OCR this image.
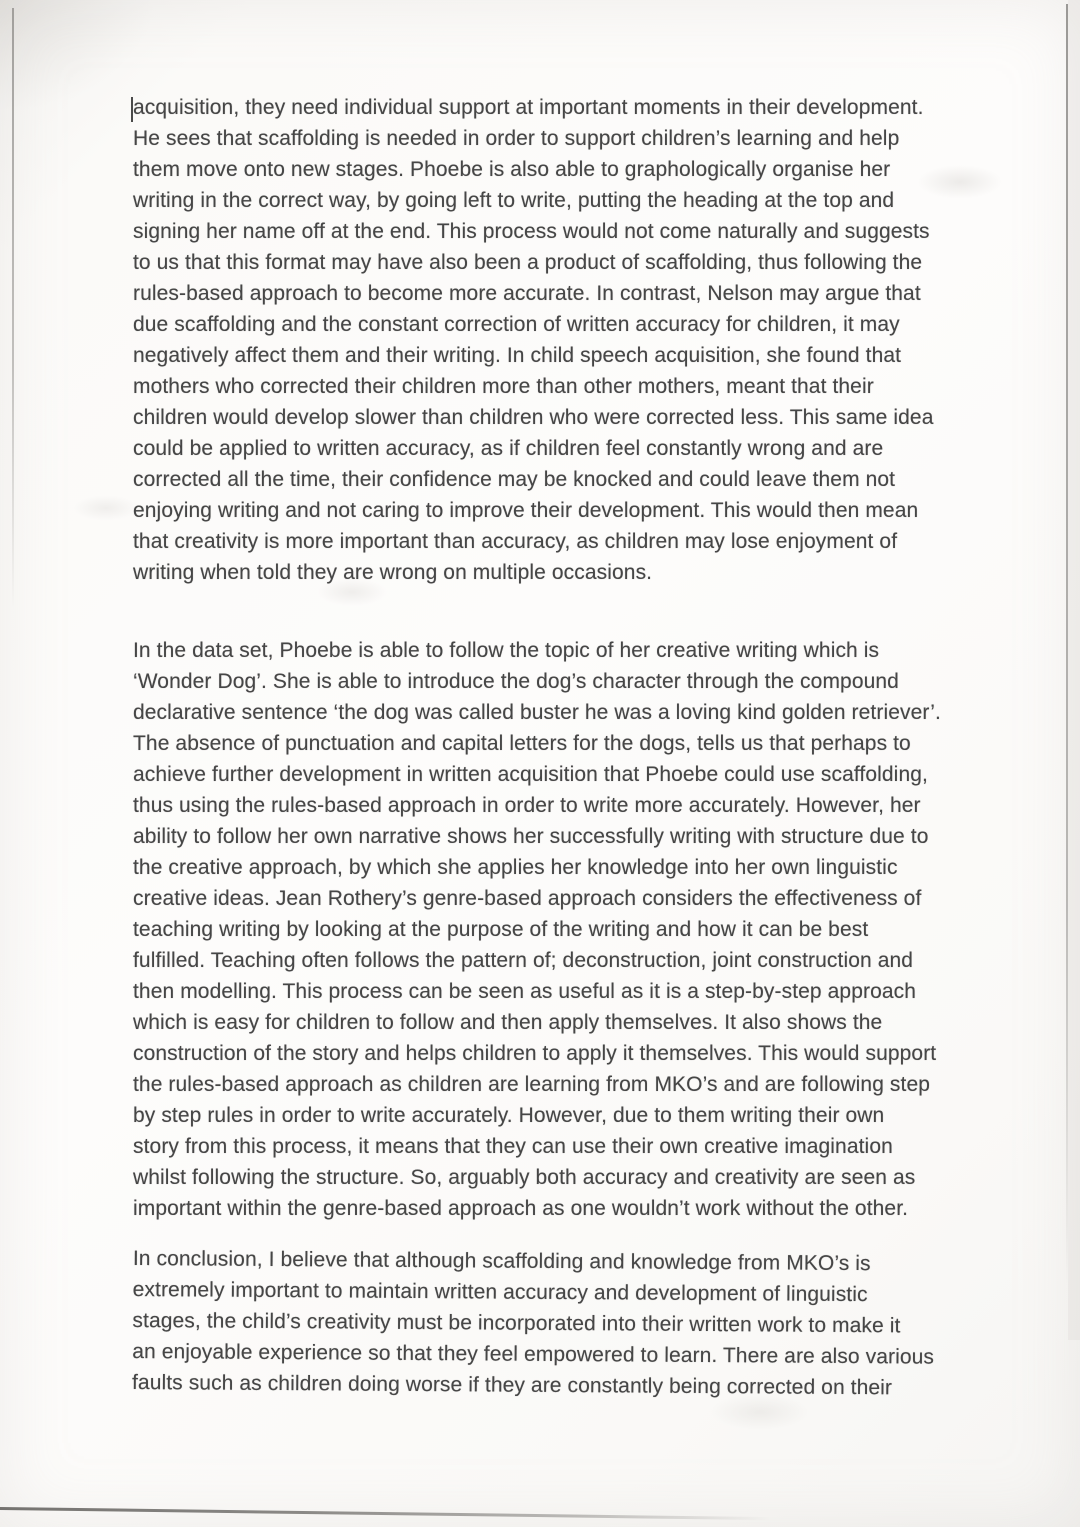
acquisition, they need individual support at important moments in their development.
He sees that scaffolding is needed in order to support children’s learning and help
them move onto new stages. Phoebe is also able to graphologically organise her
writing in the correct way, by going left to write, putting the heading at the top and
signing her name off at the end. This process would not come naturally and suggests
to us that this format may have also been a product of scaffolding, thus following the
rules-based approach to become more accurate. In contrast, Nelson may argue that
due scaffolding and the constant correction of written accuracy for children, it may
negatively affect them and their writing. In child speech acquisition, she found that
mothers who corrected their children more than other mothers, meant that their
children would develop slower than children who were corrected less. This same idea
could be applied to written accuracy, as if children feel constantly wrong and are
corrected all the time, their confidence may be knocked and could leave them not
enjoying writing and not caring to improve their development. This would then mean
that creativity is more important than accuracy, as children may lose enjoyment of
writing when told they are wrong on multiple occasions.
In the data set, Phoebe is able to follow the topic of her creative writing which is
‘Wonder Dog’. She is able to introduce the dog’s character through the compound
declarative sentence ‘the dog was called buster he was a loving kind golden retriever’.
The absence of punctuation and capital letters for the dogs, tells us that perhaps to
achieve further development in written acquisition that Phoebe could use scaffolding,
thus using the rules-based approach in order to write more accurately. However, her
ability to follow her own narrative shows her successfully writing with structure due to
the creative approach, by which she applies her knowledge into her own linguistic
creative ideas. Jean Rothery’s genre-based approach considers the effectiveness of
teaching writing by looking at the purpose of the writing and how it can be best
fulfilled. Teaching often follows the pattern of; deconstruction, joint construction and
then modelling. This process can be seen as useful as it is a step-by-step approach
which is easy for children to follow and then apply themselves. It also shows the
construction of the story and helps children to apply it themselves. This would support
the rules-based approach as children are learning from MKO’s and are following step
by step rules in order to write accurately. However, due to them writing their own
story from this process, it means that they can use their own creative imagination
whilst following the structure. So, arguably both accuracy and creativity are seen as
important within the genre-based approach as one wouldn’t work without the other.
In conclusion, I believe that although scaffolding and knowledge from MKO’s is
extremely important to maintain written accuracy and development of linguistic
stages, the child’s creativity must be incorporated into their written work to make it
an enjoyable experience so that they feel empowered to learn. There are also various
faults such as children doing worse if they are constantly being corrected on their
